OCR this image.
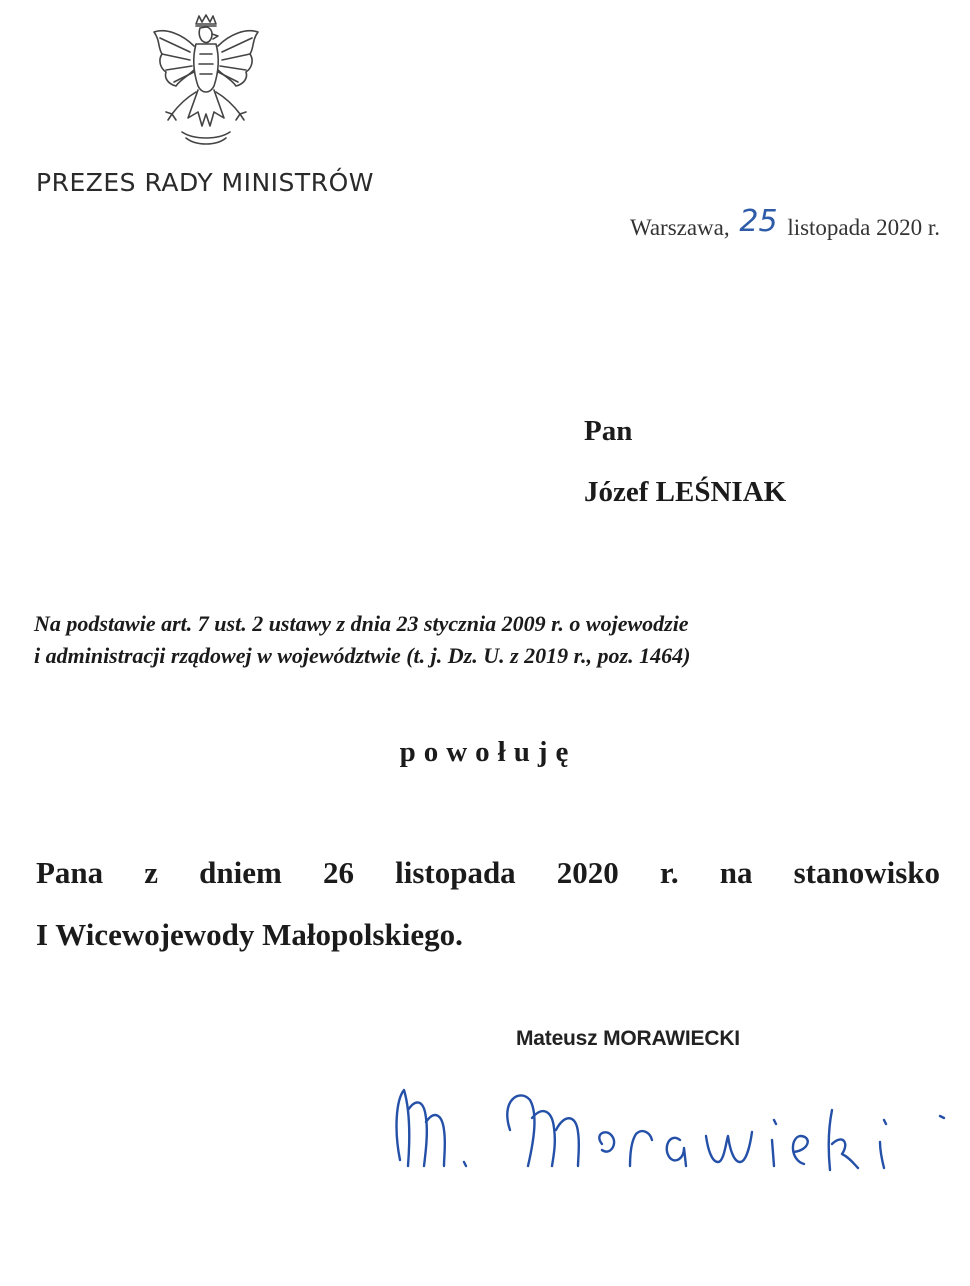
PREZES RADY MINISTRÓW
Warszawa, 25 listopada 2020 r.
Pan
Józef LEŚNIAK

Na podstawie art. 7 ust. 2 ustawy z dnia 23 stycznia 2009 r. o wojewodzie

i administracji rządowej w województwie (t. j. Dz. U. z 2019 r., poz. 1464)

powołuję
Pana z dniem 26 listopada 2020 r. na stanowisko
I Wicewojewody Małopolskiego.
Mateusz MORAWIECKI
